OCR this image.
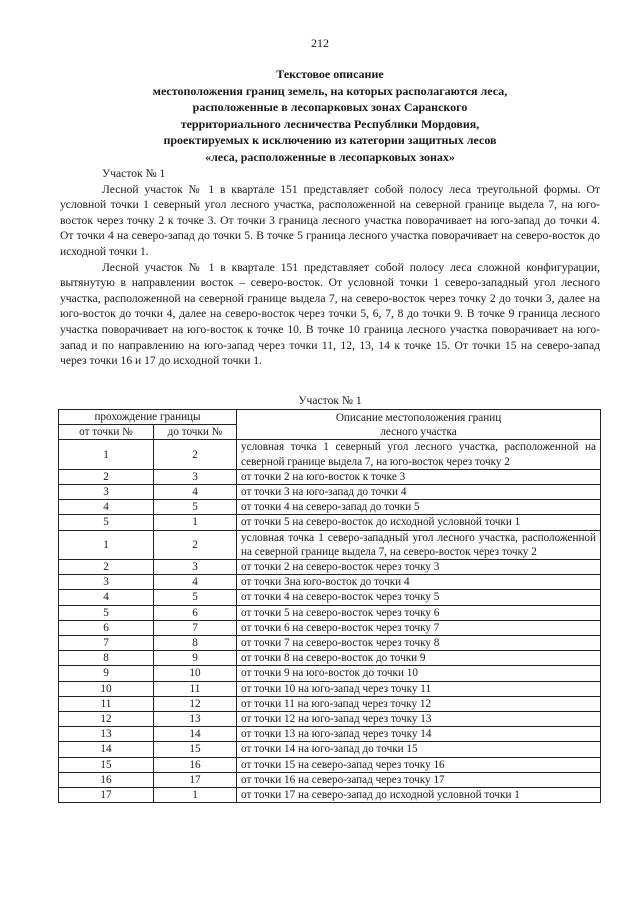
212
Текстовое описание
местоположения границ земель, на которых располагаются леса,
расположенные в лесопарковых зонах Саранского
территориального лесничества Республики Мордовия,
проектируемых к исключению из категории защитных лесов
«леса, расположенные в лесопарковых зонах»

Участок № 1

Лесной участок № 1 в квартале 151 представляет собой полосу леса треугольной формы. От условной точки 1 северный угол лесного участка, расположенной на северной границе выдела 7, на юго-восток через точку 2 к точке 3. От точки 3 граница лесного участка поворачивает на юго-запад до точки 4. От точки 4 на северо-запад до точки 5. В точке 5 граница лесного участка поворачивает на северо-восток до исходной точки 1.

Лесной участок № 1 в квартале 151 представляет собой полосу леса сложной конфигурации, вытянутую в направлении восток – северо-восток. От условной точки 1 северо-западный угол лесного участка, расположенной на северной границе выдела 7, на северо-восток через точку 2 до точки 3, далее на юго-восток до точки 4, далее на северо-восток через точки 5, 6, 7, 8 до точки 9. В точке 9 граница лесного участка поворачивает на юго-восток к точке 10. В точке 10 граница лесного участка поворачивает на юго-запад и по направлению на юго-запад через точки 11, 12, 13, 14 к точке 15. От точки 15 на северо-запад через точки 16 и 17 до исходной точки 1.

Участок № 1
прохождение границы		Описание местоположения границ
лесного участка

от точки №	до точки №	
1	2	условная точка 1 северный угол лесного участка, расположенной на северной границе выдела 7, на юго-восток через точку 2
2	3	от точки 2 на юго-восток к точке 3
3	4	от точки 3 на юго-запад до точки 4
4	5	от точки 4 на северо-запад до точки 5
5	1	от точки 5 на северо-восток до исходной условной точки 1
1	2	условная точка 1 северо-западный угол лесного участка, расположенной на северной границе выдела 7, на северо-восток через точку 2
2	3	от точки 2 на северо-восток через точку 3
3	4	от точки 3на юго-восток до точки 4
4	5	от точки 4 на северо-восток через точку 5
5	6	от точки 5 на северо-восток через точку 6
6	7	от точки 6 на северо-восток через точку 7
7	8	от точки 7 на северо-восток через точку 8
8	9	от точки 8 на северо-восток до точки 9
9	10	от точки 9 на юго-восток до точки 10
10	11	от точки 10 на юго-запад через точку 11
11	12	от точки 11 на юго-запад через точку 12
12	13	от точки 12 на юго-запад через точку 13
13	14	от точки 13 на юго-запад через точку 14
14	15	от точки 14 на юго-запад до точки 15
15	16	от точки 15 на северо-запад через точку 16
16	17	от точки 16 на северо-запад через точку 17
17	1	от точки 17 на северо-запад до исходной условной точки 1
